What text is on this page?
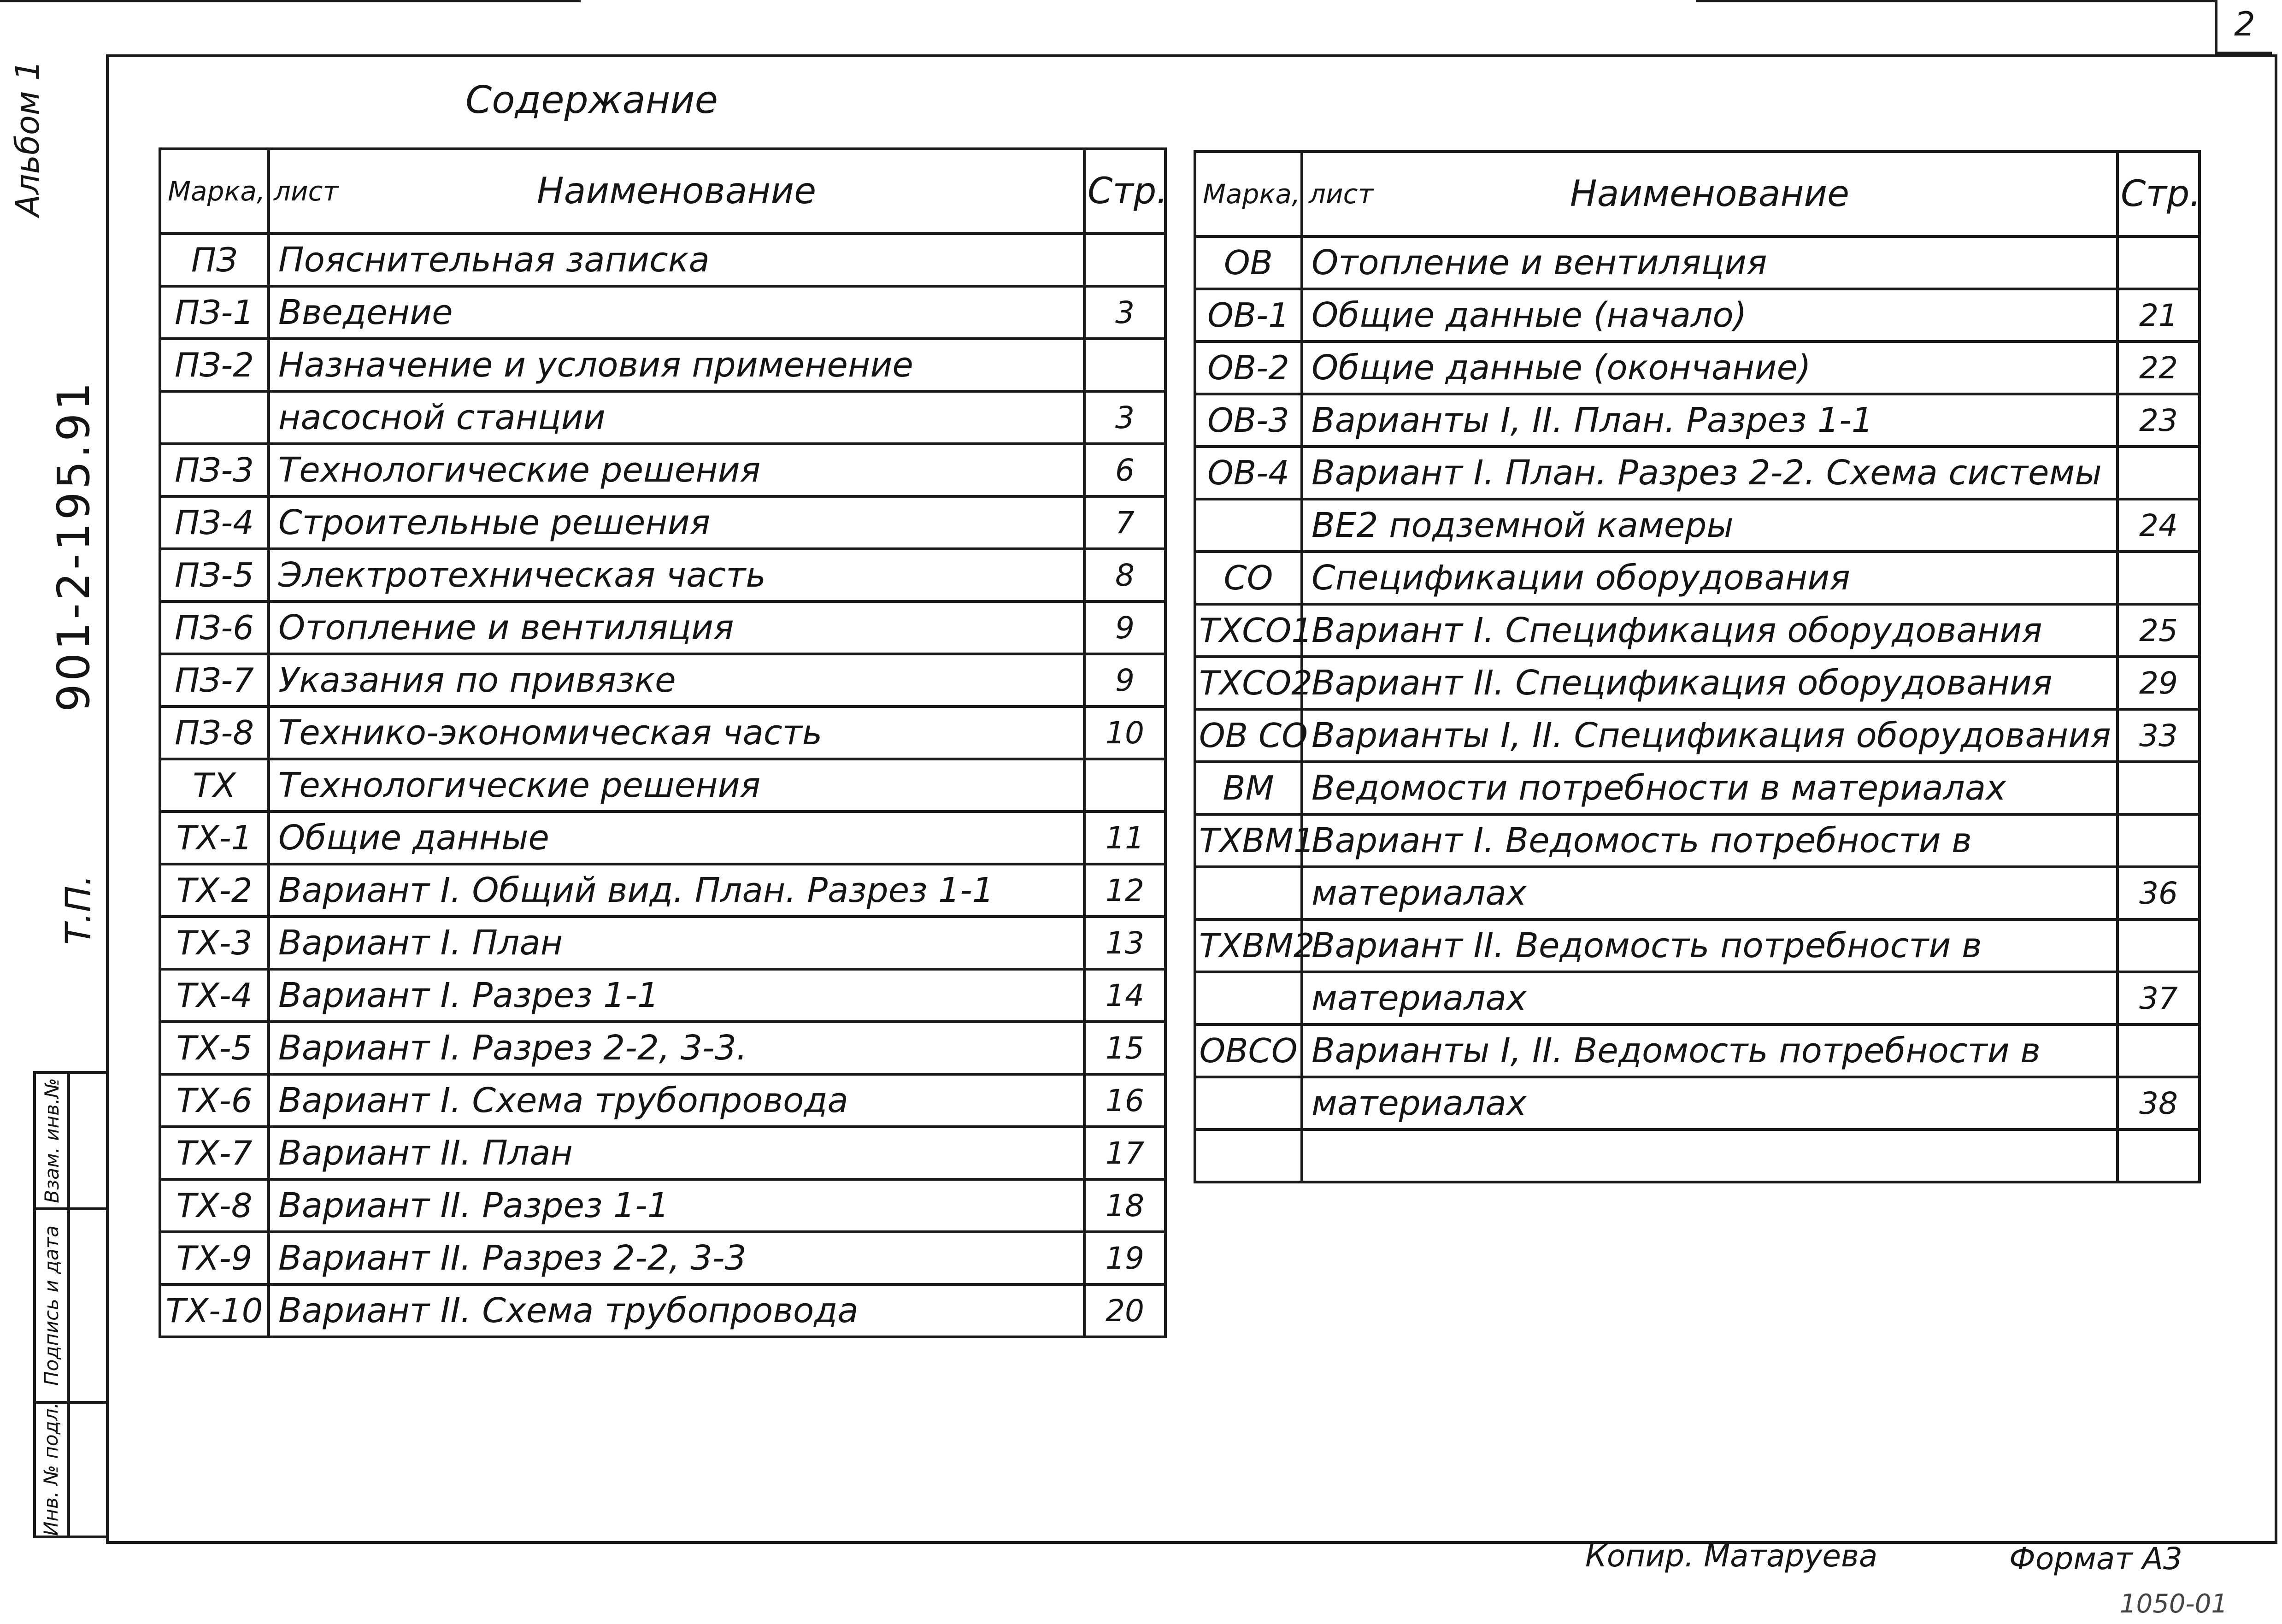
2
Альбом 1
901-2-195.91
Т.П.
Взам. инв.№
Подпись и дата
Инв. № подл.
Содержание
Марка, лист	Наименование	Стр.
ПЗ	Пояснительная записка	
ПЗ-1	Введение	3
ПЗ-2	Назначение и условия применение	
	насосной станции	3
ПЗ-3	Технологические решения	6
ПЗ-4	Строительные решения	7
ПЗ-5	Электротехническая часть	8
ПЗ-6	Отопление и вентиляция	9
ПЗ-7	Указания по привязке	9
ПЗ-8	Технико-экономическая часть	10
ТХ	Технологические решения	
ТХ-1	Общие данные	11
ТХ-2	Вариант I. Общий вид. План. Разрез 1-1	12
ТХ-3	Вариант I. План	13
ТХ-4	Вариант I. Разрез 1-1	14
ТХ-5	Вариант I. Разрез 2-2, 3-3.	15
ТХ-6	Вариант I. Схема трубопровода	16
ТХ-7	Вариант II. План	17
ТХ-8	Вариант II. Разрез 1-1	18
ТХ-9	Вариант II. Разрез 2-2, 3-3	19
ТХ-10	Вариант II. Схема трубопровода	20
Марка, лист	Наименование	Стр.
ОВ	Отопление и вентиляция	
ОВ-1	Общие данные (начало)	21
ОВ-2	Общие данные (окончание)	22
ОВ-3	Варианты I, II. План. Разрез 1-1	23
ОВ-4	Вариант I. План. Разрез 2-2. Схема системы	
	ВЕ2 подземной камеры	24
СО	Спецификации оборудования	
ТХСО1	Вариант I. Спецификация оборудования	25
ТХСО2	Вариант II. Спецификация оборудования	29
ОВ СО	Варианты I, II. Спецификация оборудования	33
ВМ	Ведомости потребности в материалах	
ТХВМ1	Вариант I. Ведомость потребности в	
	материалах	36
ТХВМ2	Вариант II. Ведомость потребности в	
	материалах	37
ОВСО	Варианты I, II. Ведомость потребности в	
	материалах	38

Копир. Матаруева	Формат А3
1050-01
